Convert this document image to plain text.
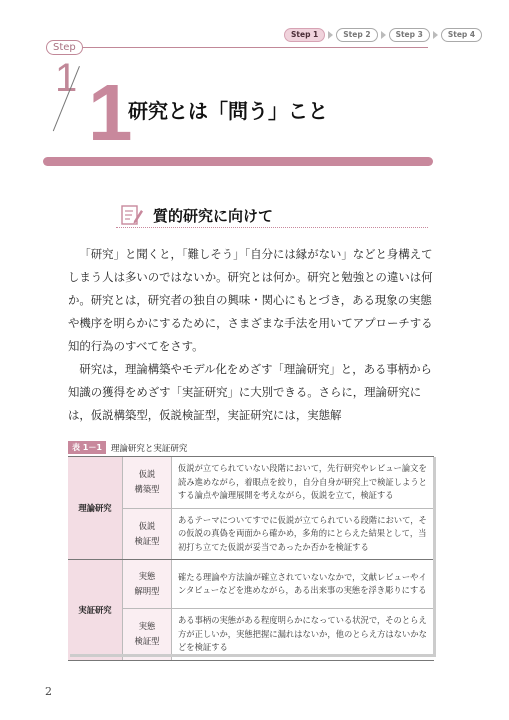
Step 1	Step 2	Step 3	Step 4
Step
1 1
研究とは「問う」こと
質的研究に向けて

「研究」と聞くと，「難しそう」「自分には縁がない」などと身構えてしまう人は多いのではないか。研究とは何か。研究と勉強との違いは何か。研究とは，研究者の独自の興味・関心にもとづき，ある現象の実態や機序を明らかにするために，さまざまな手法を用いてアプローチする知的行為のすべてをさす。

研究は，理論構築やモデル化をめざす「理論研究」と，ある事柄から知識の獲得をめざす「実証研究」に大別できる。さらに，理論研究には，仮説構築型，仮説検証型，実証研究には，実態解

表 1－1	理論研究と実証研究
理論研究	仮説
構築型	仮説が立てられていない段階において，先行研究やレビュー論文を読み進めながら，着眼点を絞り，自分自身が研究上で検証しようとする論点や論理展開を考えながら，仮説を立て，検証する
	仮説
検証型	あるテーマについてすでに仮説が立てられている段階において，その仮説の真偽を両面から確かめ，多角的にとらえた結果として，当初打ち立てた仮説が妥当であったか否かを検証する
実証研究	実態
解明型	確たる理論や方法論が確立されていないなかで，文献レビューやインタビューなどを進めながら，ある出来事の実態を浮き彫りにする
	実態
検証型	ある事柄の実態がある程度明らかになっている状況で，そのとらえ方が正しいか，実態把握に漏れはないか，他のとらえ方はないかなどを検証する
2
